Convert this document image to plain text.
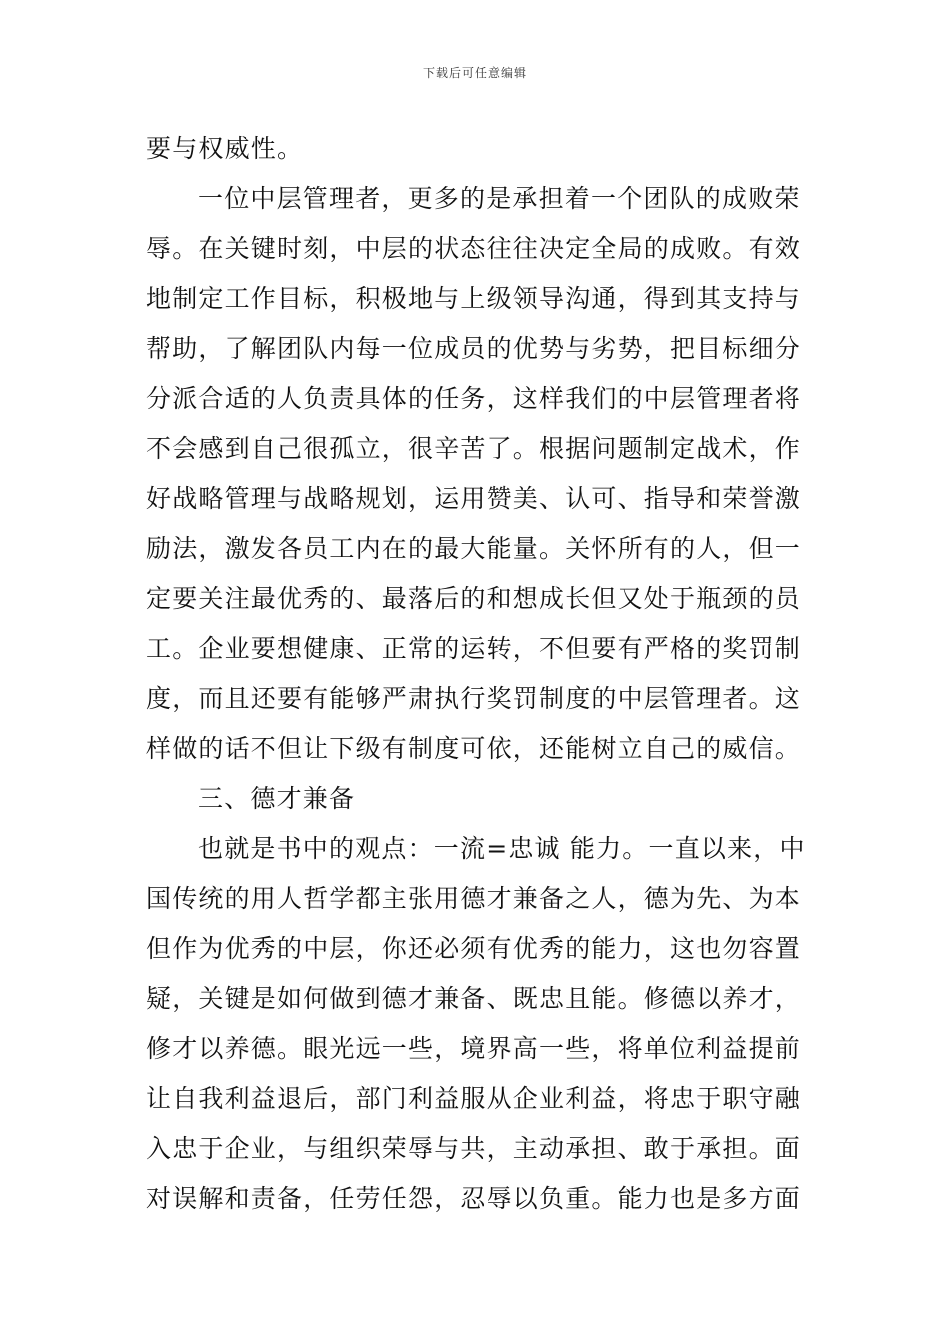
下载后可任意编辑
要与权威性。
一位中层管理者，更多的是承担着一个团队的成败荣
辱。在关键时刻，中层的状态往往决定全局的成败。有效
地制定工作目标，积极地与上级领导沟通，得到其支持与
帮助，了解团队内每一位成员的优势与劣势，把目标细分
分派合适的人负责具体的任务，这样我们的中层管理者将
不会感到自己很孤立，很辛苦了。根据问题制定战术，作
好战略管理与战略规划，运用赞美、认可、指导和荣誉激
励法，激发各员工内在的最大能量。关怀所有的人，但一
定要关注最优秀的、最落后的和想成长但又处于瓶颈的员
工。企业要想健康、正常的运转，不但要有严格的奖罚制
度，而且还要有能够严肃执行奖罚制度的中层管理者。这
样做的话不但让下级有制度可依，还能树立自己的威信。
三、德才兼备
也就是书中的观点：一流=忠诚 能力。一直以来，中
国传统的用人哲学都主张用德才兼备之人，德为先、为本
但作为优秀的中层，你还必须有优秀的能力，这也勿容置
疑，关键是如何做到德才兼备、既忠且能。修德以养才，
修才以养德。眼光远一些，境界高一些，将单位利益提前
让自我利益退后，部门利益服从企业利益，将忠于职守融
入忠于企业，与组织荣辱与共，主动承担、敢于承担。面
对误解和责备，任劳任怨，忍辱以负重。能力也是多方面
